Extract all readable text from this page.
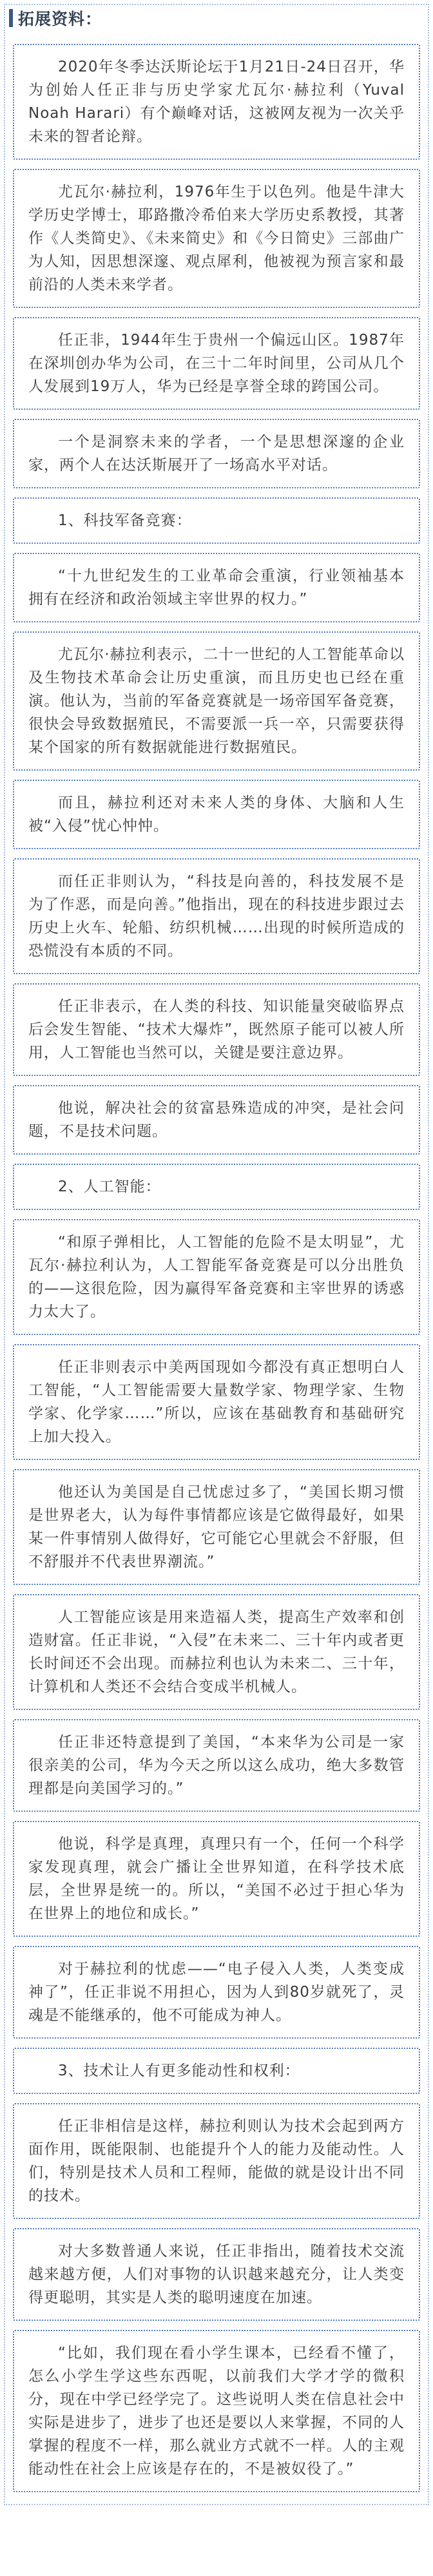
拓展资料：
2020年冬季达沃斯论坛于1月21日-24日召开，华为创始人任正非与历史学家尤瓦尔·赫拉利（Yuval Noah Harari）有个巅峰对话，这被网友视为一次关乎未来的智者论辩。
尤瓦尔·赫拉利，1976年生于以色列。他是牛津大学历史学博士，耶路撒冷希伯来大学历史系教授，其著作《人类简史》、《未来简史》和《今日简史》三部曲广为人知，因思想深邃、观点犀利，他被视为预言家和最前沿的人类未来学者。
任正非，1944年生于贵州一个偏远山区。1987年在深圳创办华为公司，在三十二年时间里，公司从几个人发展到19万人，华为已经是享誉全球的跨国公司。
一个是洞察未来的学者，一个是思想深邃的企业家，两个人在达沃斯展开了一场高水平对话。
1、科技军备竞赛：
“十九世纪发生的工业革命会重演，行业领袖基本拥有在经济和政治领域主宰世界的权力。”
尤瓦尔·赫拉利表示，二十一世纪的人工智能革命以及生物技术革命会让历史重演，而且历史也已经在重演。他认为，当前的军备竞赛就是一场帝国军备竞赛，很快会导致数据殖民，不需要派一兵一卒，只需要获得某个国家的所有数据就能进行数据殖民。
而且，赫拉利还对未来人类的身体、大脑和人生被“入侵”忧心忡忡。
而任正非则认为，“科技是向善的，科技发展不是为了作恶，而是向善。”他指出，现在的科技进步跟过去历史上火车、轮船、纺织机械……出现的时候所造成的恐慌没有本质的不同。
任正非表示，在人类的科技、知识能量突破临界点后会发生智能、“技术大爆炸”，既然原子能可以被人所用，人工智能也当然可以，关键是要注意边界。
他说，解决社会的贫富悬殊造成的冲突，是社会问题，不是技术问题。
2、人工智能：
“和原子弹相比，人工智能的危险不是太明显”，尤瓦尔·赫拉利认为，人工智能军备竞赛是可以分出胜负的——这很危险，因为赢得军备竞赛和主宰世界的诱惑力太大了。
任正非则表示中美两国现如今都没有真正想明白人工智能，“人工智能需要大量数学家、物理学家、生物学家、化学家……”所以，应该在基础教育和基础研究上加大投入。
他还认为美国是自己忧虑过多了，“美国长期习惯是世界老大，认为每件事情都应该是它做得最好，如果某一件事情别人做得好，它可能它心里就会不舒服，但不舒服并不代表世界潮流。”
人工智能应该是用来造福人类，提高生产效率和创造财富。任正非说，“入侵”在未来二、三十年内或者更长时间还不会出现。而赫拉利也认为未来二、三十年，计算机和人类还不会结合变成半机械人。
任正非还特意提到了美国，“本来华为公司是一家很亲美的公司，华为今天之所以这么成功，绝大多数管理都是向美国学习的。”
他说，科学是真理，真理只有一个，任何一个科学家发现真理，就会广播让全世界知道，在科学技术底层，全世界是统一的。所以，“美国不必过于担心华为在世界上的地位和成长。”
对于赫拉利的忧虑——“电子侵入人类，人类变成神了”，任正非说不用担心，因为人到80岁就死了，灵魂是不能继承的，他不可能成为神人。
3、技术让人有更多能动性和权利：
任正非相信是这样，赫拉利则认为技术会起到两方面作用，既能限制、也能提升个人的能力及能动性。人们，特别是技术人员和工程师，能做的就是设计出不同的技术。
对大多数普通人来说，任正非指出，随着技术交流越来越方便，人们对事物的认识越来越充分，让人类变得更聪明，其实是人类的聪明速度在加速。
“比如，我们现在看小学生课本，已经看不懂了，怎么小学生学这些东西呢，以前我们大学才学的微积分，现在中学已经学完了。这些说明人类在信息社会中实际是进步了，进步了也还是要以人来掌握，不同的人掌握的程度不一样，那么就业方式就不一样。人的主观能动性在社会上应该是存在的，不是被奴役了。”
